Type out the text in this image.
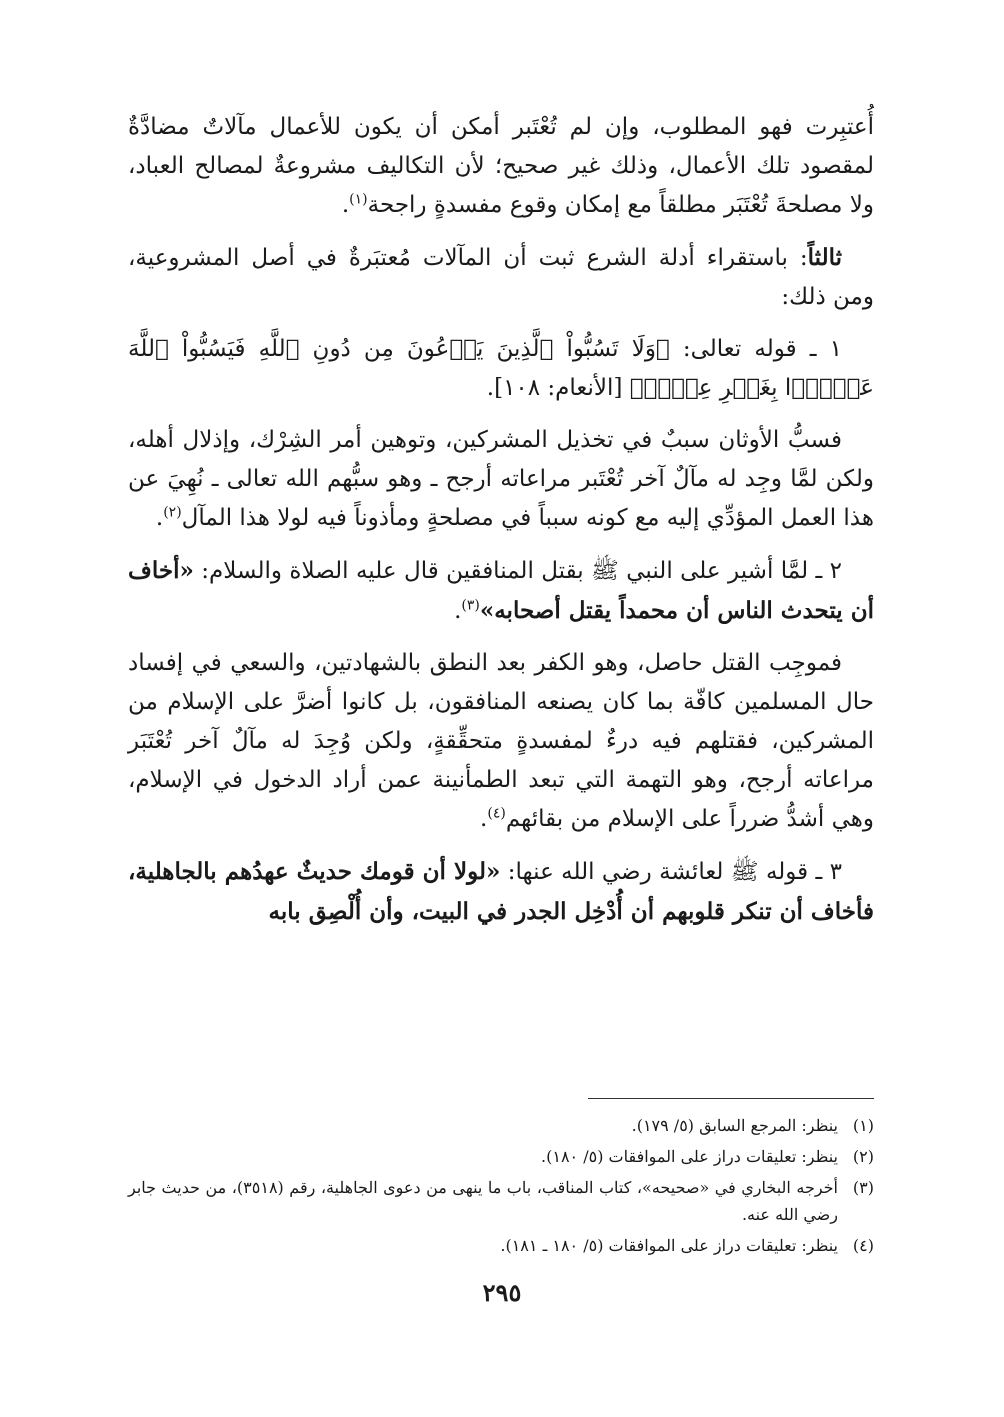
أُعتبِرت فهو المطلوب، وإن لم تُعْتَبر أمكن أن يكون للأعمال مآلاتٌ مضادَّةٌ لمقصود تلك الأعمال، وذلك غير صحيح؛ لأن التكاليف مشروعةٌ لمصالح العباد، ولا مصلحةَ تُعْتَبَر مطلقاً مع إمكان وقوع مفسدةٍ راجحة$^{(١)}$.

ثالثاً: باستقراء أدلة الشرع ثبت أن المآلات مُعتبَرةٌ في أصل المشروعية، ومن ذلك:

١ ـ قوله تعالى: ﴿وَلَا تَسُبُّواْ ٱلَّذِينَ يَدۡعُونَ مِن دُونِ ٱللَّهِ فَيَسُبُّواْ ٱللَّهَ عَدۡوَۢا بِغَيۡرِ عِلۡمٖ﴾ [الأنعام: ١٠٨].

فسبُّ الأوثان سببٌ في تخذيل المشركين، وتوهين أمر الشِرْك، وإذلال أهله، ولكن لمَّا وجِد له مآلٌ آخر تُعْتَبر مراعاته أرجح ـ وهو سبُّهم الله تعالى ـ نُهِيَ عن هذا العمل المؤدِّي إليه مع كونه سبباً في مصلحةٍ ومأذوناً فيه لولا هذا المآل$^{(٢)}$.

٢ ـ لمَّا أشير على النبي ﷺ بقتل المنافقين قال عليه الصلاة والسلام: «أخاف أن يتحدث الناس أن محمداً يقتل أصحابه»$^{(٣)}$.

فموجِب القتل حاصل، وهو الكفر بعد النطق بالشهادتين، والسعي في إفساد حال المسلمين كافّة بما كان يصنعه المنافقون، بل كانوا أضرَّ على الإسلام من المشركين، فقتلهم فيه درءٌ لمفسدةٍ متحقِّقةٍ، ولكن وُجِدَ له مآلٌ آخر تُعْتَبَر مراعاته أرجح، وهو التهمة التي تبعد الطمأنينة عمن أراد الدخول في الإسلام، وهي أشدُّ ضرراً على الإسلام من بقائهم$^{(٤)}$.

٣ ـ قوله ﷺ لعائشة رضي الله عنها: «لولا أن قومك حديثٌ عهدُهم بالجاهلية، فأخاف أن تنكر قلوبهم أن أُدْخِل الجدر في البيت، وأن أُلْصِق بابه

(١)
ينظر: المرجع السابق (٥/ ١٧٩).
(٢)
ينظر: تعليقات دراز على الموافقات (٥/ ١٨٠).
(٣)
أخرجه البخاري في «صحيحه»، كتاب المناقب، باب ما ينهى من دعوى الجاهلية، رقم (٣٥١٨)، من حديث جابر رضي الله عنه.
(٤)
ينظر: تعليقات دراز على الموافقات (٥/ ١٨٠ ـ ١٨١).
٢٩٥
